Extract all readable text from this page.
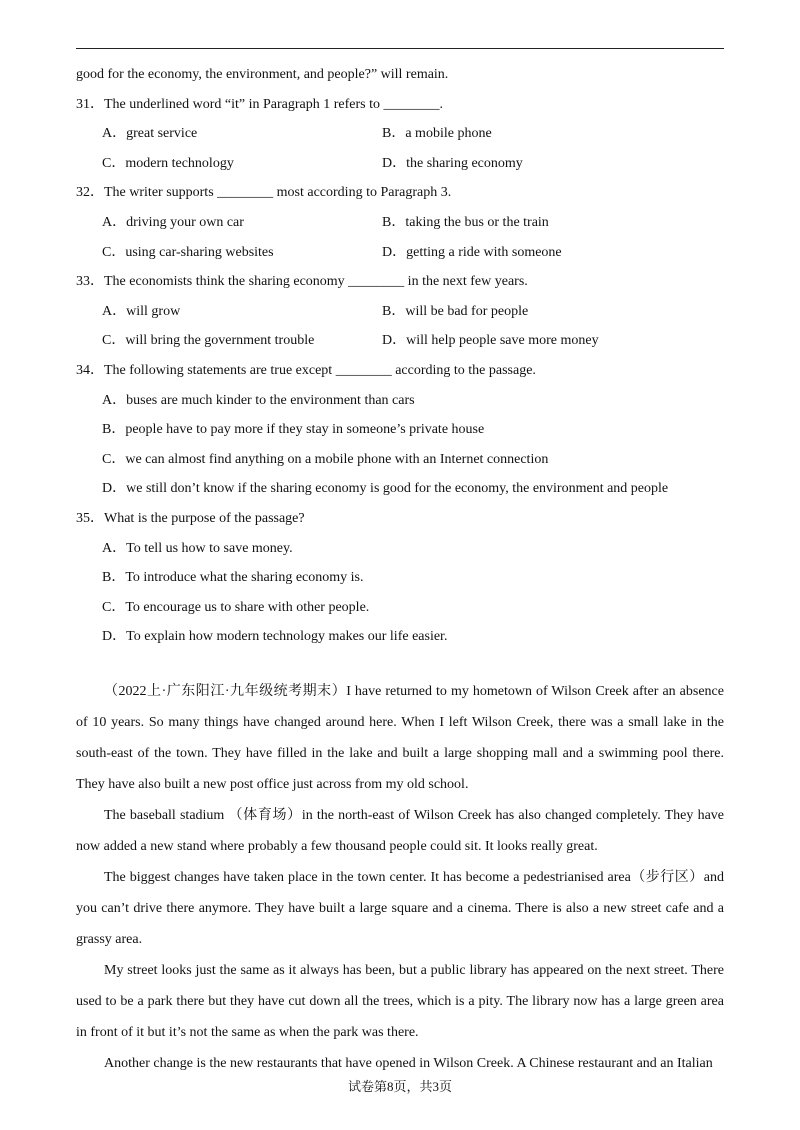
good for the economy, the environment, and people?” will remain.
31．The underlined word “it” in Paragraph 1 refers to ________.
A．great service	B．a mobile phone
C．modern technology	D．the sharing economy
32．The writer supports ________ most according to Paragraph 3.
A．driving your own car	B．taking the bus or the train
C．using car-sharing websites	D．getting a ride with someone
33．The economists think the sharing economy ________ in the next few years.
A．will grow	B．will be bad for people
C．will bring the government trouble	D．will help people save more money
34．The following statements are true except ________ according to the passage.
A．buses are much kinder to the environment than cars
B．people have to pay more if they stay in someone’s private house
C．we can almost find anything on a mobile phone with an Internet connection
D．we still don’t know if the sharing economy is good for the economy, the environment and people
35．What is the purpose of the passage?
A．To tell us how to save money.
B．To introduce what the sharing economy is.
C．To encourage us to share with other people.
D．To explain how modern technology makes our life easier.

（2022上·广东阳江·九年级统考期末）I have returned to my hometown of Wilson Creek after an absence of 10 years. So many things have changed around here. When I left Wilson Creek, there was a small lake in the south-east of the town. They have filled in the lake and built a large shopping mall and a swimming pool there. They have also built a new post office just across from my old school.

The baseball stadium （体育场）in the north-east of Wilson Creek has also changed completely. They have now added a new stand where probably a few thousand people could sit. It looks really great.

The biggest changes have taken place in the town center. It has become a pedestrianised area（步行区）and you can’t drive there anymore. They have built a large square and a cinema. There is also a new street cafe and a grassy area.

My street looks just the same as it always has been, but a public library has appeared on the next street. There used to be a park there but they have cut down all the trees, which is a pity. The library now has a large green area in front of it but it’s not the same as when the park was there.

Another change is the new restaurants that have opened in Wilson Creek. A Chinese restaurant and an Italian

试卷第8页，共3页
